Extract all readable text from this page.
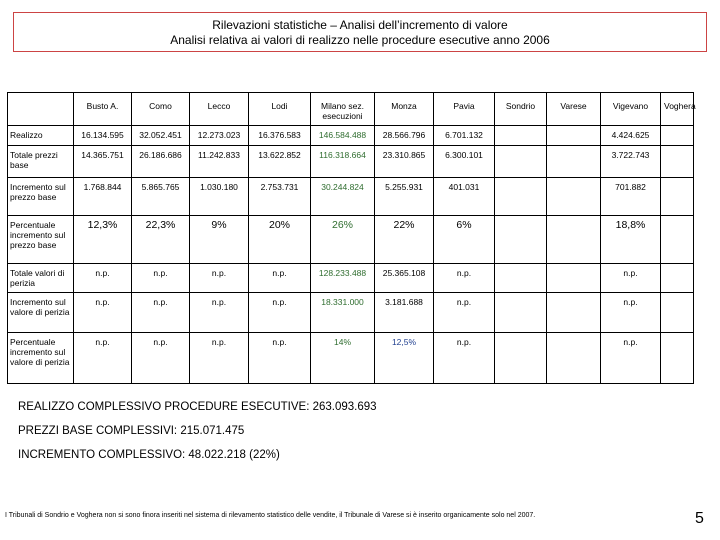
Rilevazioni statistiche – Analisi dell’incremento di valore
Analisi relativa ai valori di realizzo nelle procedure esecutive anno 2006
	Busto A.	Como	Lecco	Lodi	Milano sez. esecuzioni	Monza	Pavia	Sondrio	Varese	Vigevano	Voghera
Realizzo	16.134.595	32.052.451	12.273.023	16.376.583	146.584.488	28.566.796	6.701.132			4.424.625	
Totale prezzi base	14.365.751	26.186.686	11.242.833	13.622.852	116.318.664	23.310.865	6.300.101			3.722.743	
Incremento sul prezzo base	1.768.844	5.865.765	1.030.180	2.753.731	30.244.824	5.255.931	401.031			701.882	
Percentuale incremento sul prezzo base	12,3%	22,3%	9%	20%	26%	22%	6%			18,8%	
Totale valori di perizia	n.p.	n.p.	n.p.	n.p.	128.233.488	25.365.108	n.p.			n.p.	
Incremento sul valore di perizia	n.p.	n.p.	n.p.	n.p.	18.331.000	3.181.688	n.p.			n.p.	
Percentuale incremento sul valore di perizia	n.p.	n.p.	n.p.	n.p.	14%	12,5%	n.p.			n.p.	
REALIZZO COMPLESSIVO PROCEDURE ESECUTIVE: 263.093.693
PREZZI BASE COMPLESSIVI: 215.071.475
INCREMENTO COMPLESSIVO: 48.022.218 (22%)
I Tribunali di Sondrio e Voghera non si sono finora inseriti nel sistema di rilevamento statistico delle vendite, il Tribunale di Varese si è inserito organicamente solo nel 2007.	5
